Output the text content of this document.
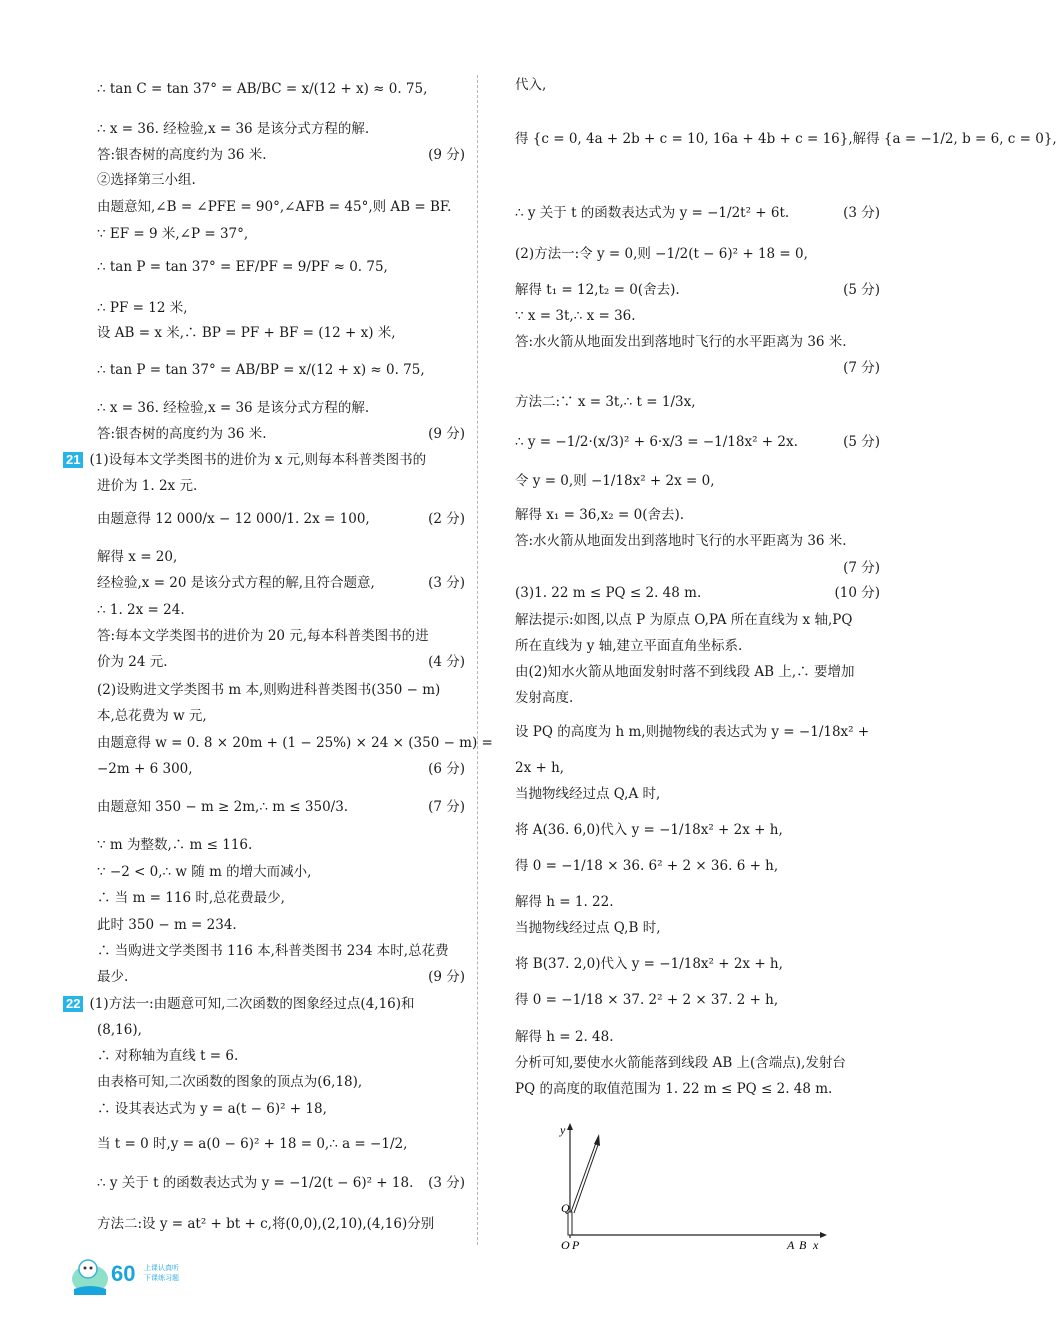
∴ tan C = tan 37° = AB/BC = x/(12 + x) ≈ 0. 75,
∴ x = 36. 经检验,x = 36 是该分式方程的解.
答:银杏树的高度约为 36 米.	(9 分)
②选择第三小组.
由题意知,∠B = ∠PFE = 90°,∠AFB = 45°,则 AB = BF.
∵ EF = 9 米,∠P = 37°,
∴ tan P = tan 37° = EF/PF = 9/PF ≈ 0. 75,
∴ PF = 12 米,
设 AB = x 米,∴ BP = PF + BF = (12 + x) 米,
∴ tan P = tan 37° = AB/BP = x/(12 + x) ≈ 0. 75,
∴ x = 36. 经检验,x = 36 是该分式方程的解.
答:银杏树的高度约为 36 米.	(9 分)
21 (1)设每本文学类图书的进价为 x 元,则每本科普类图书的
进价为 1. 2x 元.
由题意得 12 000/x − 12 000/1. 2x = 100,	(2 分)
解得 x = 20,
经检验,x = 20 是该分式方程的解,且符合题意,	(3 分)
∴ 1. 2x = 24.
答:每本文学类图书的进价为 20 元,每本科普类图书的进
价为 24 元.	(4 分)
(2)设购进文学类图书 m 本,则购进科普类图书(350 − m)
本,总花费为 w 元,
由题意得 w = 0. 8 × 20m + (1 − 25%) × 24 × (350 − m) =
−2m + 6 300,	(6 分)
由题意知 350 − m ≥ 2m,∴ m ≤ 350/3.	(7 分)
∵ m 为整数,∴ m ≤ 116.
∵ −2 < 0,∴ w 随 m 的增大而减小,
∴ 当 m = 116 时,总花费最少,
此时 350 − m = 234.
∴ 当购进文学类图书 116 本,科普类图书 234 本时,总花费
最少.	(9 分)
22 (1)方法一:由题意可知,二次函数的图象经过点(4,16)和
(8,16),
∴ 对称轴为直线 t = 6.
由表格可知,二次函数的图象的顶点为(6,18),
∴ 设其表达式为 y = a(t − 6)² + 18,
当 t = 0 时,y = a(0 − 6)² + 18 = 0,∴ a = −1/2,
∴ y 关于 t 的函数表达式为 y = −1/2(t − 6)² + 18. (3 分)
方法二:设 y = at² + bt + c,将(0,0),(2,10),(4,16)分别
代入,
得 {c = 0, 4a + 2b + c = 10, 16a + 4b + c = 16},解得 {a = −1/2, b = 6, c = 0},
∴ y 关于 t 的函数表达式为 y = −1/2t² + 6t.	(3 分)
(2)方法一:令 y = 0,则 −1/2(t − 6)² + 18 = 0,
解得 t₁ = 12,t₂ = 0(舍去).	(5 分)
∵ x = 3t,∴ x = 36.
答:水火箭从地面发出到落地时飞行的水平距离为 36 米.
(7 分)
方法二:∵ x = 3t,∴ t = 1/3x,
∴ y = −1/2·(x/3)² + 6·x/3 = −1/18x² + 2x.	(5 分)
令 y = 0,则 −1/18x² + 2x = 0,
解得 x₁ = 36,x₂ = 0(舍去).
答:水火箭从地面发出到落地时飞行的水平距离为 36 米.
(7 分)
(3)1. 22 m ≤ PQ ≤ 2. 48 m.	(10 分)
解法提示:如图,以点 P 为原点 O,PA 所在直线为 x 轴,PQ
所在直线为 y 轴,建立平面直角坐标系.
由(2)知水火箭从地面发射时落不到线段 AB 上,∴ 要增加
发射高度.
设 PQ 的高度为 h m,则抛物线的表达式为 y = −1/18x² +
2x + h,
当抛物线经过点 Q,A 时,
将 A(36. 6,0)代入 y = −1/18x² + 2x + h,
得 0 = −1/18 × 36. 6² + 2 × 36. 6 + h,
解得 h = 1. 22.
当抛物线经过点 Q,B 时,
将 B(37. 2,0)代入 y = −1/18x² + 2x + h,
得 0 = −1/18 × 37. 2² + 2 × 37. 2 + h,
解得 h = 2. 48.
分析可知,要使水火箭能落到线段 AB 上(含端点),发射台
PQ 的高度的取值范围为 1. 22 m ≤ PQ ≤ 2. 48 m.
y
Q
O P	A B x
60 上课认真听
下课练习题
